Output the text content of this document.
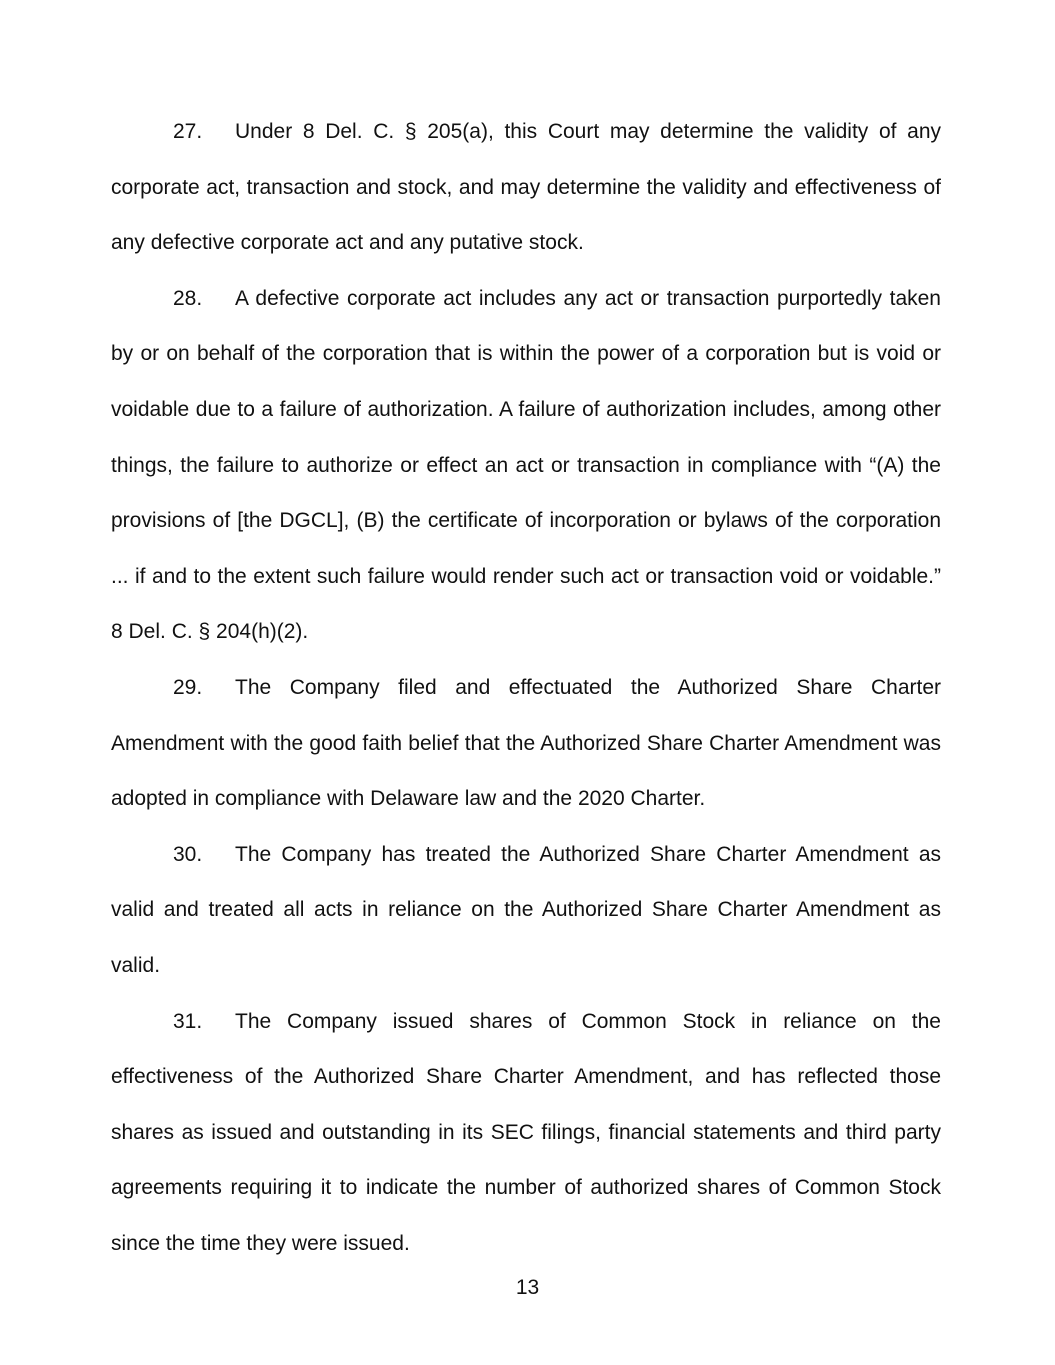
27. Under 8 Del. C. § 205(a), this Court may determine the validity of any corporate act, transaction and stock, and may determine the validity and effectiveness of any defective corporate act and any putative stock.

28. A defective corporate act includes any act or transaction purportedly taken by or on behalf of the corporation that is within the power of a corporation but is void or voidable due to a failure of authorization. A failure of authorization includes, among other things, the failure to authorize or effect an act or transaction in compliance with “(A) the provisions of [the DGCL], (B) the certificate of incorporation or bylaws of the corporation ... if and to the extent such failure would render such act or transaction void or voidable.” 8 Del. C. § 204(h)(2).

29. The Company filed and effectuated the Authorized Share Charter Amendment with the good faith belief that the Authorized Share Charter Amendment was adopted in compliance with Delaware law and the 2020 Charter.

30. The Company has treated the Authorized Share Charter Amendment as valid and treated all acts in reliance on the Authorized Share Charter Amendment as valid.

31. The Company issued shares of Common Stock in reliance on the effectiveness of the Authorized Share Charter Amendment, and has reflected those shares as issued and outstanding in its SEC filings, financial statements and third party agreements requiring it to indicate the number of authorized shares of Common Stock since the time they were issued.

13
